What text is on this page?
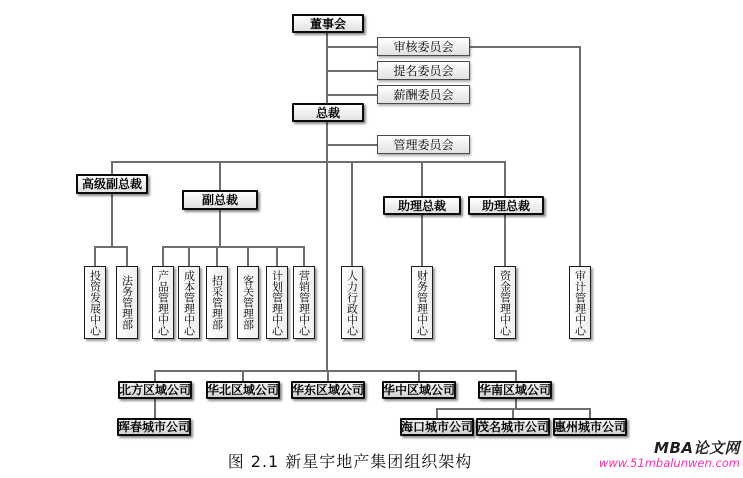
董事会
审核委员会
提名委员会
薪酬委员会
总裁
管理委员会
高级副总裁
副总裁	助理总裁	助理总裁
投资发展中心 法务管理部 产品管理中心 成本管理中心 招采管理部 客关管理部 计划管理中心 营销管理中心	人力行政中心	财务管理中心	资金管理中心	审计管理中心
北方区域公司 华北区域公司 华东区域公司 华中区域公司 华南区域公司
珲春城市公司	海口城市公司 茂名城市公司 惠州城市公司
图 2.1 新星宇地产集团组织架构
MBA论文网
www.51mbalunwen.com
